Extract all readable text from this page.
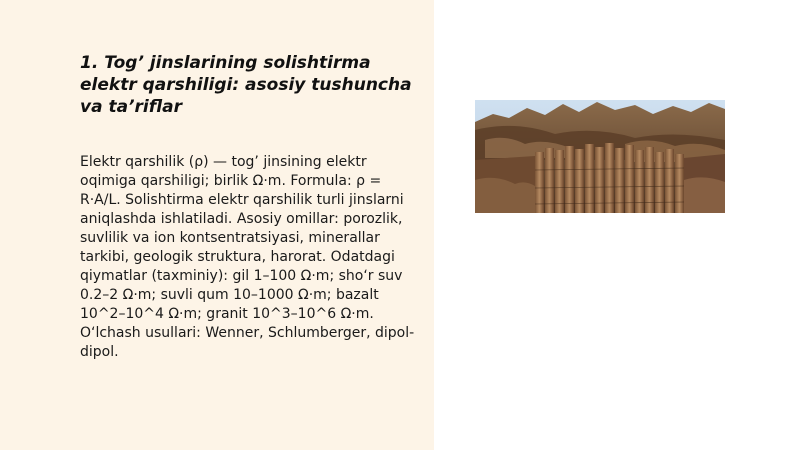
1. Tog’ jinslarining solishtirma elektr qarshiligi: asosiy tushuncha va ta’riflar

Elektr qarshilik (ρ) — tog’ jinsining elektr oqimiga qarshiligi; birlik Ω·m. Formula: ρ = R·A/L. Solishtirma elektr qarshilik turli jinslarni aniqlashda ishlatiladi. Asosiy omillar: porozlik, suvlilik va ion kontsentratsiyasi, minerallar tarkibi, geologik struktura, harorat. Odatdagi qiymatlar (taxminiy): gil 1–100 Ω·m; sho‘r suv 0.2–2 Ω·m; suvli qum 10–1000 Ω·m; bazalt 10^2–10^4 Ω·m; granit 10^3–10^6 Ω·m. O‘lchash usullari: Wenner, Schlumberger, dipol-dipol.
